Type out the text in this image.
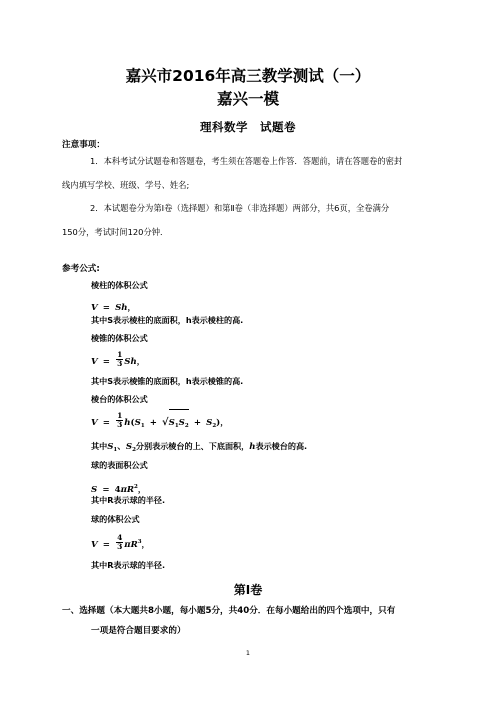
嘉兴市2016年高三教学测试（一）
嘉兴一模
理科数学　试题卷
注意事项：
1．本科考试分试题卷和答题卷，考生须在答题卷上作答．答题前，请在答题卷的密封
线内填写学校、班级、学号、姓名;
2．本试题卷分为第Ⅰ卷（选择题）和第Ⅱ卷（非选择题）两部分，共6页，全卷满分
150分，考试时间120分钟．
参考公式:
棱柱的体积公式
V = Sh，
其中S表示棱柱的底面积，h表示棱柱的高.
棱锥的体积公式
$V = \frac{1}{3}$ Sh，
其中S表示棱锥的底面积，h表示棱锥的高.
棱台的体积公式
$V = \frac{1}{3} h(S_1 + √S_1S_2 + S_2)$，
其中$S_1$、$S_2$分别表示棱台的上、下底面积，h表示棱台的高.
球的表面积公式
$S = 4\pi R^2$，
其中R表示球的半径.
球的体积公式
$V = \frac{4}{3} \pi R^3$，
其中R表示球的半径.
第Ⅰ卷
一、选择题（本大题共8小题，每小题5分，共40分．在每小题给出的四个选项中，只有
一项是符合题目要求的）
1
